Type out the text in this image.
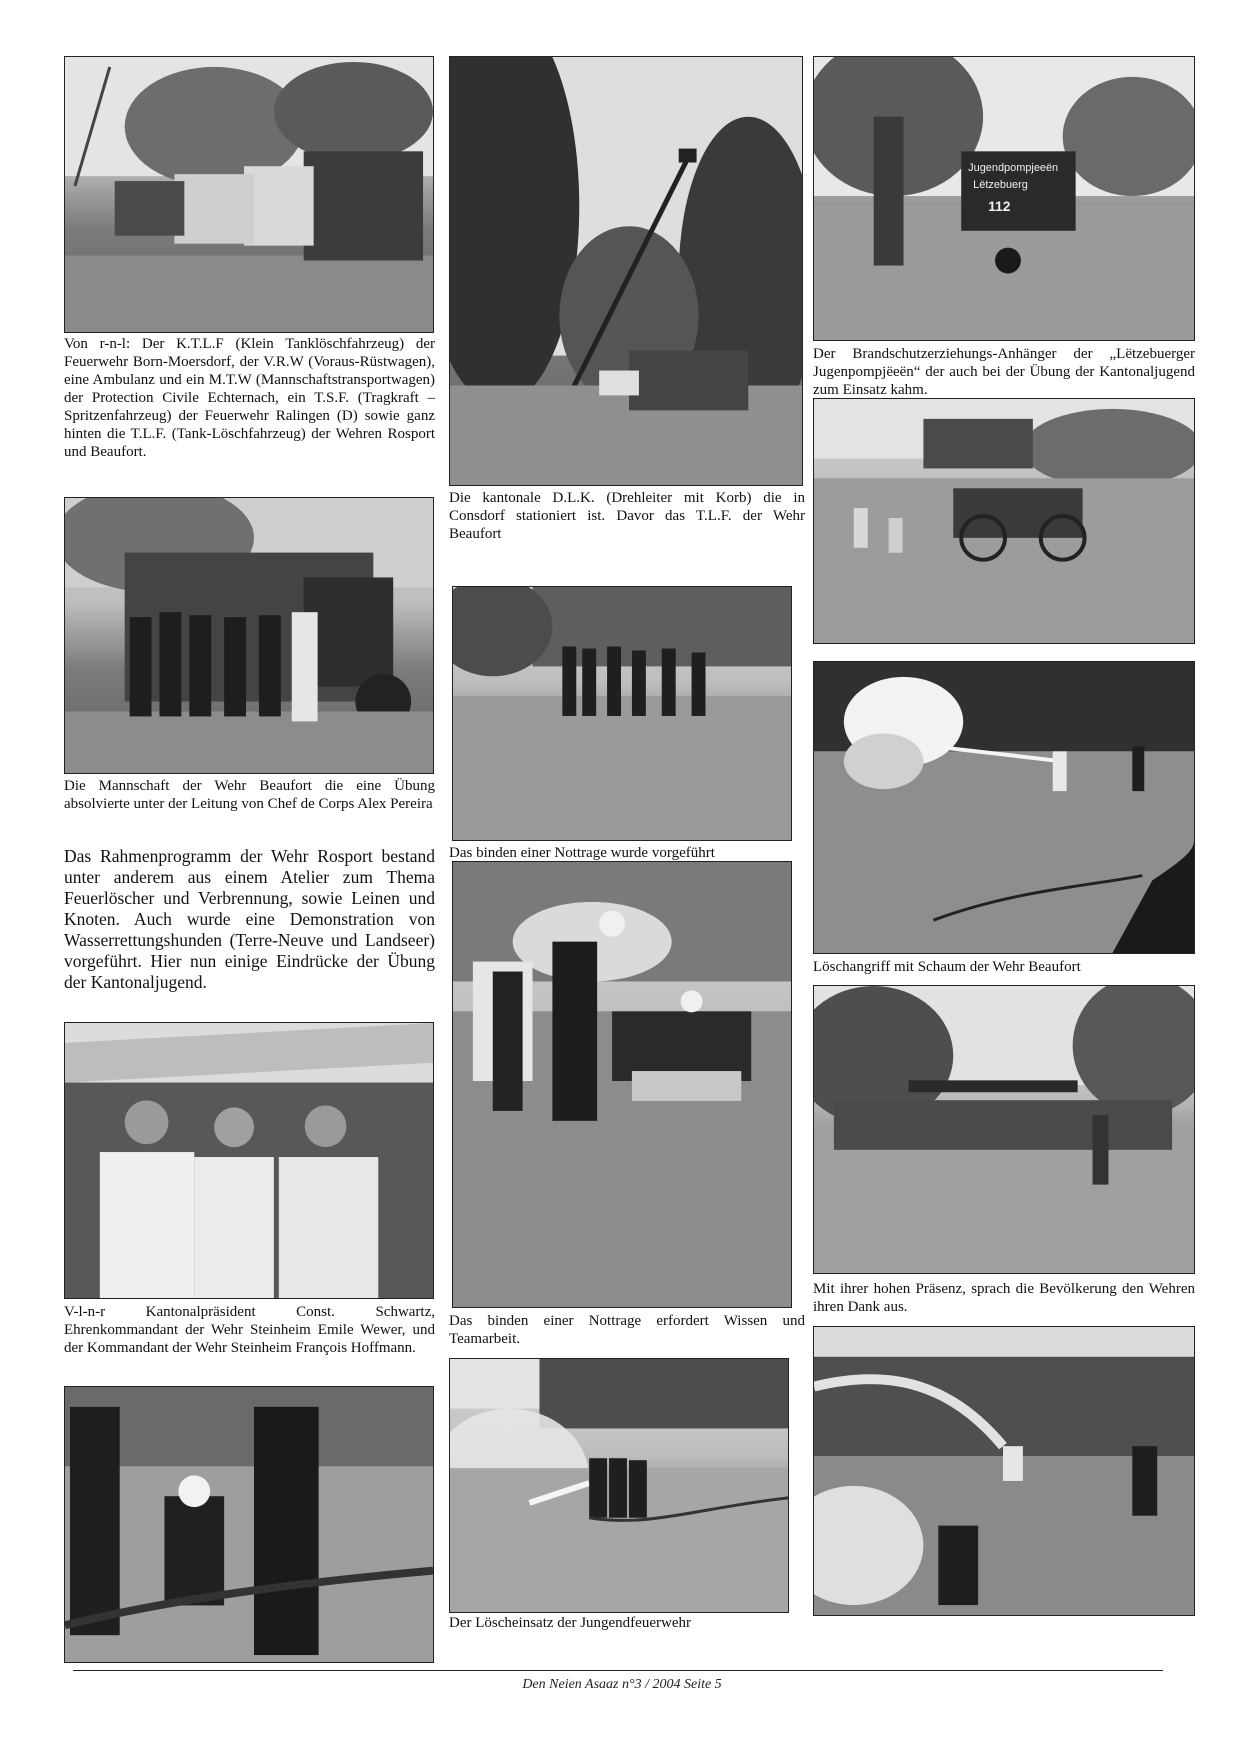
Von r-n-l: Der K.T.L.F (Klein Tanklöschfahrzeug) der Feuerwehr Born-Moersdorf, der V.R.W (Voraus-Rüstwagen), eine Ambulanz und ein M.T.W (Mannschaftstransportwagen) der Protection Civile Echternach, ein T.S.F. (Tragkraft – Spritzenfahrzeug) der Feuerwehr Ralingen (D) sowie ganz hinten die T.L.F. (Tank-Löschfahrzeug) der Wehren Rosport und Beaufort.

Die Mannschaft der Wehr Beaufort die eine Übung absolvierte unter der Leitung von Chef de Corps Alex Pereira

Das Rahmenprogramm der Wehr Rosport bestand unter anderem aus einem Atelier zum Thema Feuerlöscher und Verbrennung, sowie Leinen und Knoten. Auch wurde eine Demonstration von Wasserrettungshunden (Terre-Neuve und Landseer) vorgeführt. Hier nun einige Eindrücke der Übung der Kantonaljugend.

V-l-n-r Kantonalpräsident Const. Schwartz, Ehrenkommandant der Wehr Steinheim Emile Wewer, und der Kommandant der Wehr Steinheim François Hoffmann.

Die kantonale D.L.K. (Drehleiter mit Korb) die in Consdorf stationiert ist. Davor das T.L.F. der Wehr Beaufort

Das binden einer Nottrage wurde vorgeführt

Das binden einer Nottrage erfordert Wissen und Teamarbeit.

Der Löscheinsatz der Jungendfeuerwehr

Jugendpompjeeën
Lëtzebuerg
112

Der Brandschutzerziehungs-Anhänger der „Lëtzebuerger Jugenpompjëeën“ der auch bei der Übung der Kantonaljugend zum Einsatz kahm.

Löschangriff mit Schaum der Wehr Beaufort

Mit ihrer hohen Präsenz, sprach die Bevölkerung den Wehren ihren Dank aus.

Den Neien Asaaz n°3 / 2004 Seite 5
